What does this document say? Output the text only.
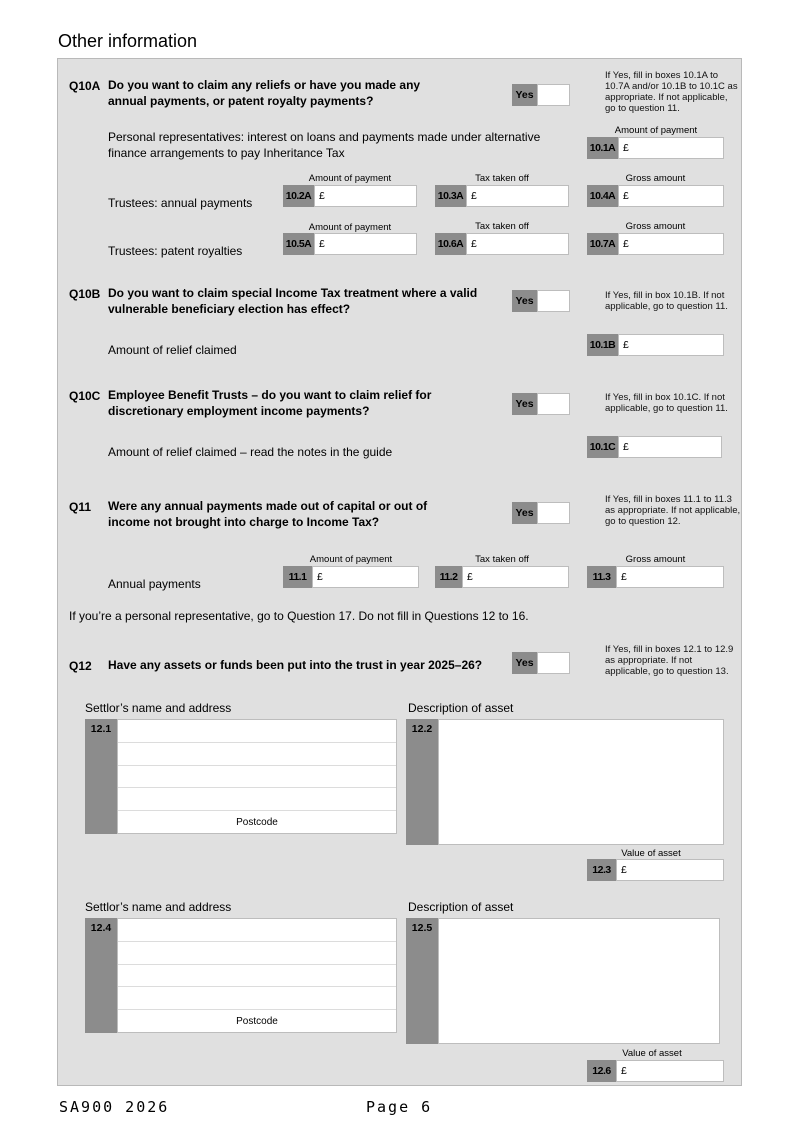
Other information
Q10A Do you want to claim any reliefs or have you made any annual payments, or patent royalty payments?	Yes
If Yes, fill in boxes 10.1A to 10.7A and/or 10.1B to 10.1C as appropriate. If not applicable, go to question 11.
Personal representatives: interest on loans and payments made under alternative finance arrangements to pay Inheritance Tax
Amount of payment
10.1A £
Amount of payment	Tax taken off	Gross amount
Trustees: annual payments	10.2A £	10.3A £	10.4A £
Amount of payment	Tax taken off	Gross amount
Trustees: patent royalties	10.5A £	10.6A £	10.7A £
Q10B Do you want to claim special Income Tax treatment where a valid vulnerable beneficiary election has effect?
Yes	If Yes, fill in box 10.1B. If not applicable, go to question 11.
Amount of relief claimed	10.1B £
Q10C Employee Benefit Trusts – do you want to claim relief for discretionary employment income payments?	Yes
If Yes, fill in box 10.1C. If not applicable, go to question 11.
Amount of relief claimed – read the notes in the guide	10.1C £
Q11 Were any annual payments made out of capital or out of income not brought into charge to Income Tax?
Yes
If Yes, fill in boxes 11.1 to 11.3 as appropriate. If not applicable, go to question 12.
Amount of payment	Tax taken off	Gross amount
Annual payments	11.1	£	11.2 £	11.3	£
If you’re a personal representative, go to Question 17. Do not fill in Questions 12 to 16.
Q12 Have any assets or funds been put into the trust in year 2025–26?	Yes
If Yes, fill in boxes 12.1 to 12.9 as appropriate. If not applicable, go to question 13.
Settlor’s name and address	Description of asset
12.1
Postcode
12.2
Value of asset
12.3 £
Settlor’s name and address	Description of asset
12.4
Postcode
12.5
Value of asset
12.6 £
SA900 2026	Page 6
